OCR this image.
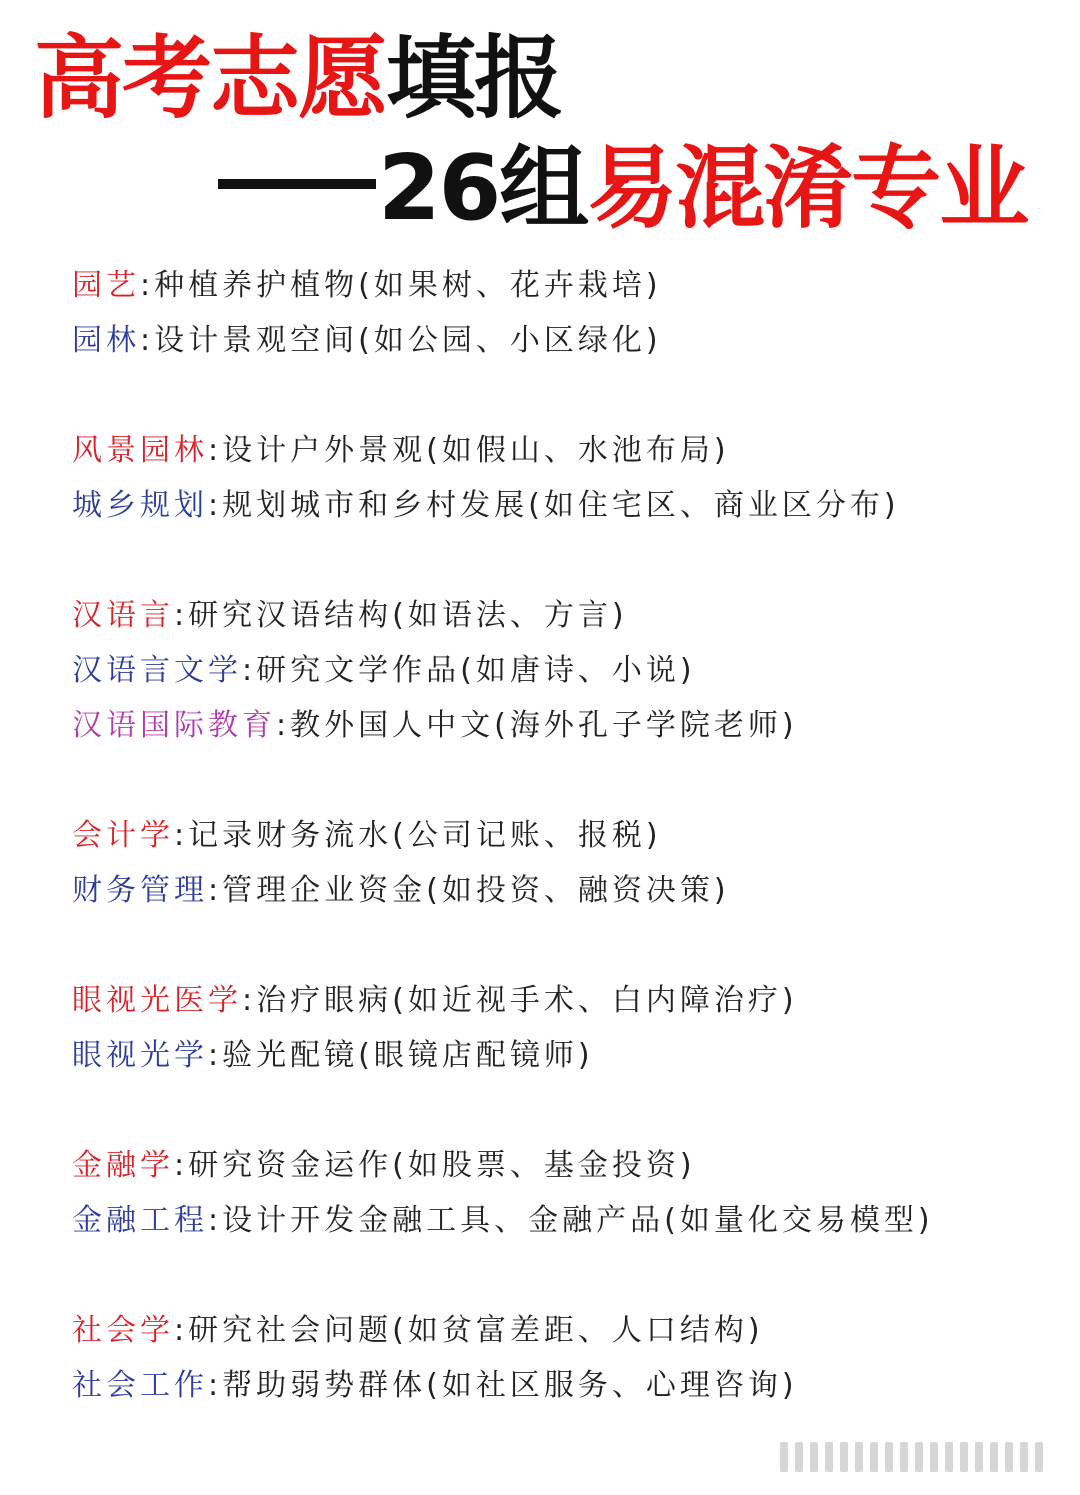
高考志愿填报
26组易混淆专业
园艺:种植养护植物(如果树、花卉栽培)
园林:设计景观空间(如公园、小区绿化)
风景园林:设计户外景观(如假山、水池布局)
城乡规划:规划城市和乡村发展(如住宅区、商业区分布)
汉语言:研究汉语结构(如语法、方言)
汉语言文学:研究文学作品(如唐诗、小说)
汉语国际教育:教外国人中文(海外孔子学院老师)
会计学:记录财务流水(公司记账、报税)
财务管理:管理企业资金(如投资、融资决策)
眼视光医学:治疗眼病(如近视手术、白内障治疗)
眼视光学:验光配镜(眼镜店配镜师)
金融学:研究资金运作(如股票、基金投资)
金融工程:设计开发金融工具、金融产品(如量化交易模型)
社会学:研究社会问题(如贫富差距、人口结构)
社会工作:帮助弱势群体(如社区服务、心理咨询)
